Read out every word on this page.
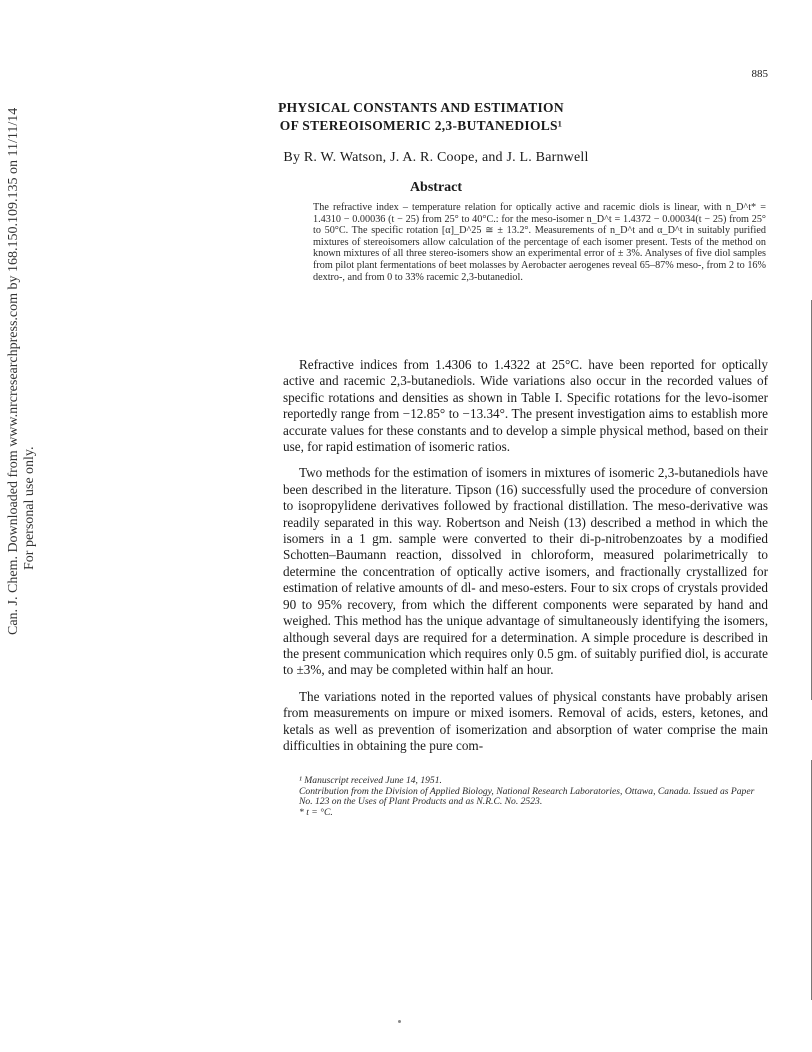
Can. J. Chem. Downloaded from www.nrcresearchpress.com by 168.150.109.135 on 11/11/14 For personal use only.
885
PHYSICAL CONSTANTS AND ESTIMATION
OF STEREOISOMERIC 2,3-BUTANEDIOLS¹
By R. W. Watson, J. A. R. Coope, and J. L. Barnwell
Abstract
The refractive index – temperature relation for optically active and racemic diols is linear, with n_D^t* = 1.4310 − 0.00036 (t − 25) from 25° to 40°C.: for the meso-isomer n_D^t = 1.4372 − 0.00034(t − 25) from 25° to 50°C. The specific rotation [α]_D^25 ≅ ± 13.2°. Measurements of n_D^t and α_D^t in suitably purified mixtures of stereoisomers allow calculation of the percentage of each isomer present. Tests of the method on known mixtures of all three stereo-isomers show an experimental error of ± 3%. Analyses of five diol samples from pilot plant fermentations of beet molasses by Aerobacter aerogenes reveal 65–87% meso-, from 2 to 16% dextro-, and from 0 to 33% racemic 2,3-butanediol.

Refractive indices from 1.4306 to 1.4322 at 25°C. have been reported for optically active and racemic 2,3-butanediols. Wide variations also occur in the recorded values of specific rotations and densities as shown in Table I. Specific rotations for the levo-isomer reportedly range from −12.85° to −13.34°. The present investigation aims to establish more accurate values for these constants and to develop a simple physical method, based on their use, for rapid estimation of isomeric ratios.

Two methods for the estimation of isomers in mixtures of isomeric 2,3-butanediols have been described in the literature. Tipson (16) successfully used the procedure of conversion to isopropylidene derivatives followed by fractional distillation. The meso-derivative was readily separated in this way. Robertson and Neish (13) described a method in which the isomers in a 1 gm. sample were converted to their di-p-nitrobenzoates by a modified Schotten–Baumann reaction, dissolved in chloroform, measured polarimetrically to determine the concentration of optically active isomers, and fractionally crystallized for estimation of relative amounts of dl- and meso-esters. Four to six crops of crystals provided 90 to 95% recovery, from which the different components were separated by hand and weighed. This method has the unique advantage of simultaneously identifying the isomers, although several days are required for a determination. A simple procedure is described in the present communication which requires only 0.5 gm. of suitably purified diol, is accurate to ±3%, and may be completed within half an hour.

The variations noted in the reported values of physical constants have probably arisen from measurements on impure or mixed isomers. Removal of acids, esters, ketones, and ketals as well as prevention of isomerization and absorption of water comprise the main difficulties in obtaining the pure com-

¹ Manuscript received June 14, 1951.
Contribution from the Division of Applied Biology, National Research Laboratories, Ottawa, Canada. Issued as Paper No. 123 on the Uses of Plant Products and as N.R.C. No. 2523.
* t = °C.
